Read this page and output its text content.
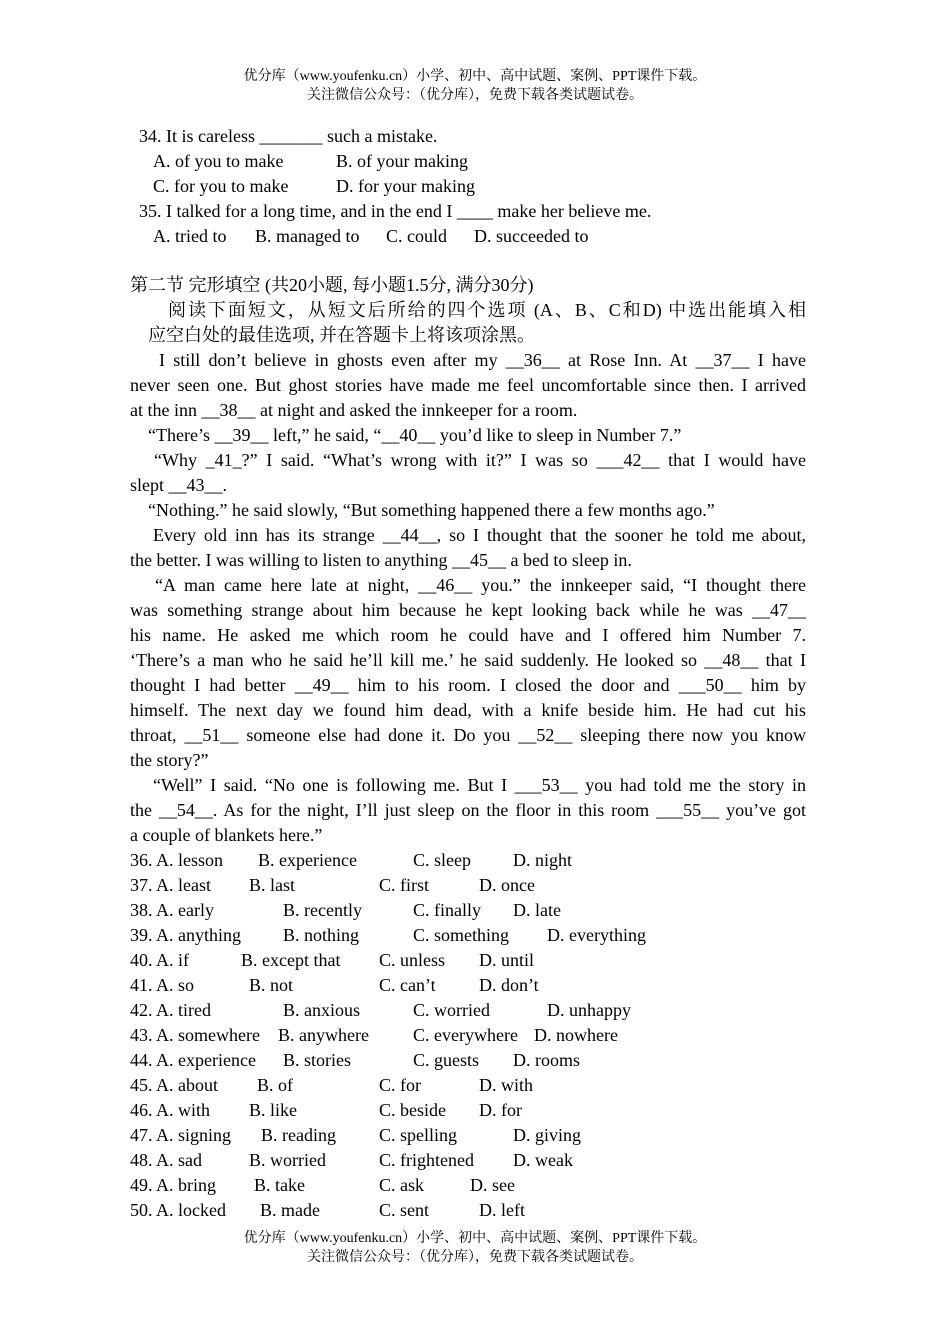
优分库（www.youfenku.cn）小学、初中、高中试题、案例、PPT课件下载。
关注微信公众号：（优分库），免费下载各类试题试卷。
34. It is careless _______ such a mistake.
A. of you to make	B. of your making
C. for you to make	D. for your making
35. I talked for a long time, and in the end I ____ make her believe me.
A. tried to B. managed to C. could D. succeeded to
第二节 完形填空 (共20小题, 每小题1.5分, 满分30分)
阅读下面短文，从短文后所给的四个选项 (A、B、C和D) 中选出能填入相
应空白处的最佳选项, 并在答题卡上将该项涂黑。
I still don’t believe in ghosts even after my __36__ at Rose Inn. At __37__ I have
never seen one. But ghost stories have made me feel uncomfortable since then. I arrived
at the inn __38__ at night and asked the innkeeper for a room.
“There’s __39__ left,” he said, “__40__ you’d like to sleep in Number 7.”
“Why _41_?” I said. “What’s wrong with it?” I was so ___42__ that I would have
slept __43__.
“Nothing.” he said slowly, “But something happened there a few months ago.”
Every old inn has its strange __44__, so I thought that the sooner he told me about,
the better. I was willing to listen to anything __45__ a bed to sleep in.
“A man came here late at night, __46__ you.” the innkeeper said, “I thought there
was something strange about him because he kept looking back while he was __47__
his name. He asked me which room he could have and I offered him Number 7.
‘There’s a man who he said he’ll kill me.’ he said suddenly. He looked so __48__ that I
thought I had better __49__ him to his room. I closed the door and ___50__ him by
himself. The next day we found him dead, with a knife beside him. He had cut his
throat, __51__ someone else had done it. Do you __52__ sleeping there now you know
the story?”
“Well” I said. “No one is following me. But I ___53__ you had told me the story in
the __54__. As for the night, I’ll just sleep on the floor in this room ___55__ you’ve got
a couple of blankets here.”
36. A. lesson B. experience	C. sleep D. night
37. A. least B. last	C. first	D. once
38. A. early	B. recently	C. finally D. late
39. A. anything B. nothing	C. something D. everything
40. A. if	B. except that C. unless D. until
41. A. so	B. not	C. can’t D. don’t
42. A. tired	B. anxious	C. worried	D. unhappy
43. A. somewhere B. anywhere C. everywhere D. nowhere
44. A. experience B. stories	C. guests D. rooms
45. A. about B. of	C. for	D. with
46. A. with B. like	C. beside D. for
47. A. signing B. reading C. spelling	D. giving
48. A. sad	B. worried	C. frightened D. weak
49. A. bring B. take	C. ask	D. see
50. A. locked B. made	C. sent	D. left
优分库（www.youfenku.cn）小学、初中、高中试题、案例、PPT课件下载。
关注微信公众号：（优分库），免费下载各类试题试卷。
